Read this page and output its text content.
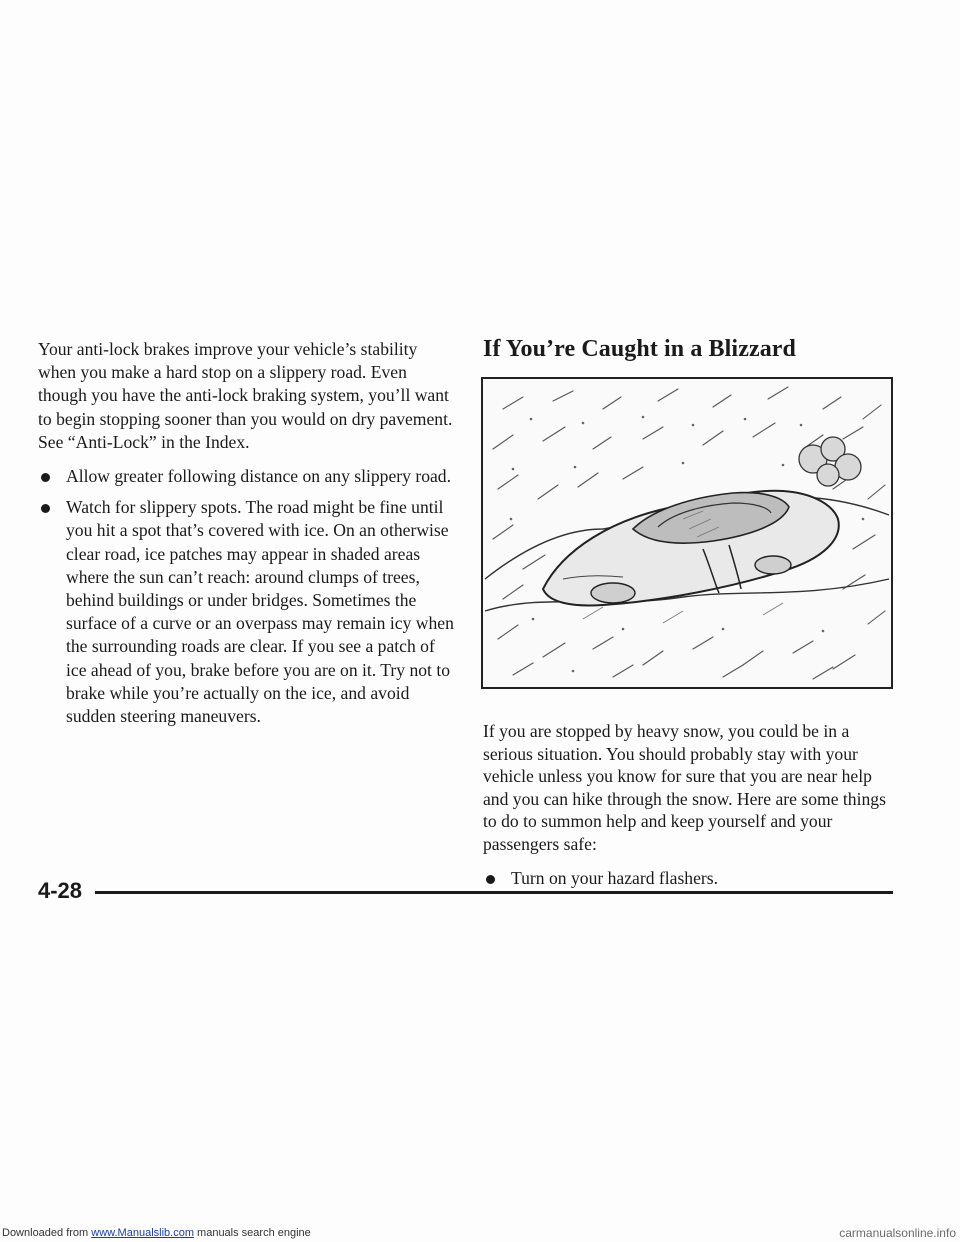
Your anti-lock brakes improve your vehicle’s stability when you make a hard stop on a slippery road. Even though you have the anti-lock braking system, you’ll want to begin stopping sooner than you would on dry pavement. See “Anti-Lock” in the Index.

Allow greater following distance on any slippery road.
Watch for slippery spots. The road might be fine until you hit a spot that’s covered with ice. On an otherwise clear road, ice patches may appear in shaded areas where the sun can’t reach: around clumps of trees, behind buildings or under bridges. Sometimes the surface of a curve or an overpass may remain icy when the surrounding roads are clear. If you see a patch of ice ahead of you, brake before you are on it. Try not to brake while you’re actually on the ice, and avoid sudden steering maneuvers.
If You’re Caught in a Blizzard

If you are stopped by heavy snow, you could be in a serious situation. You should probably stay with your vehicle unless you know for sure that you are near help and you can hike through the snow. Here are some things to do to summon help and keep yourself and your passengers safe:

Turn on your hazard flashers.
4-28
Downloaded from www.Manualslib.com manuals search engine	carmanualsonline.info
